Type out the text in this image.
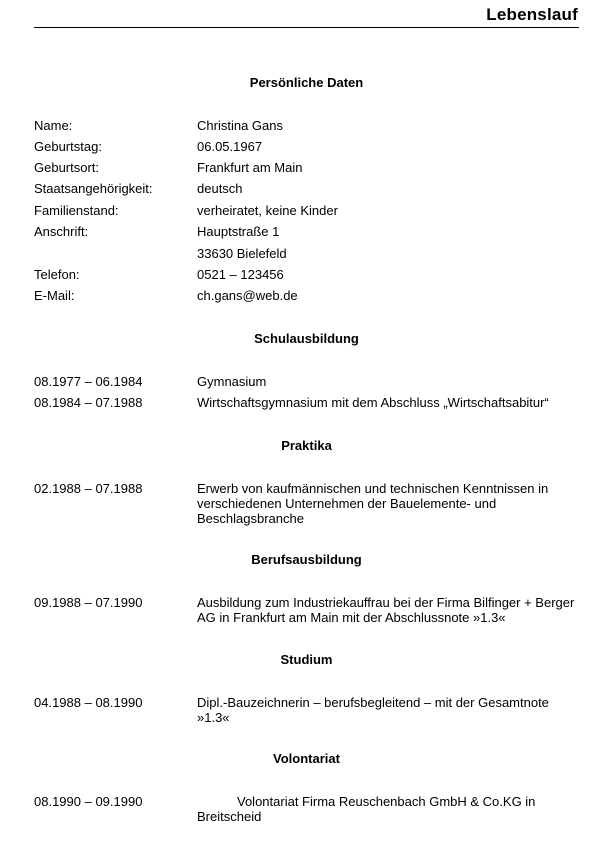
Lebenslauf
Persönliche Daten
Name:	Christina Gans
Geburtstag:	06.05.1967
Geburtsort:	Frankfurt am Main
Staatsangehörigkeit:	deutsch
Familienstand:	verheiratet, keine Kinder
Anschrift:	Hauptstraße 1
33630 Bielefeld
Telefon:	0521 – 123456
E-Mail:	ch.gans@web.de
Schulausbildung
08.1977 – 06.1984	Gymnasium
08.1984 – 07.1988	Wirtschaftsgymnasium mit dem Abschluss „Wirtschaftsabitur“
Praktika
02.1988 – 07.1988	Erwerb von kaufmännischen und technischen Kenntnissen in
verschiedenen Unternehmen der Bauelemente- und
Beschlagsbranche
Berufsausbildung
09.1988 – 07.1990	Ausbildung zum Industriekauffrau bei der Firma Bilfinger + Berger
AG in Frankfurt am Main mit der Abschlussnote »1.3«
Studium
04.1988 – 08.1990	Dipl.-Bauzeichnerin – berufsbegleitend – mit der Gesamtnote »1.3«
Volontariat
08.1990 – 09.1990	Volontariat Firma Reuschenbach GmbH & Co.KG in
Breitscheid
